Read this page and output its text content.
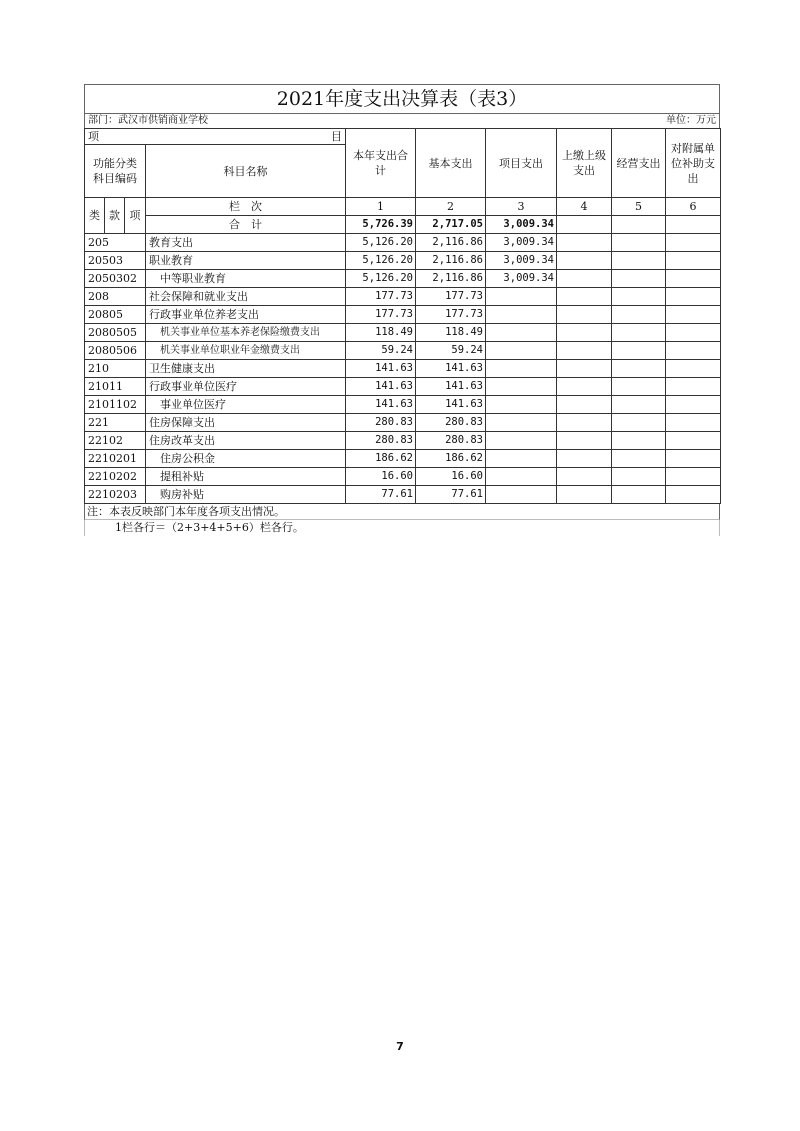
2021年度支出决算表（表3）
部门：武汉市供销商业学校	单位：万元
项 目				本年支出合计	基本支出	项目支出	上缴上级支出	经营支出	对附属单位补助支出
功能分类科目编码			科目名称						

类	款	项	栏　次	1	2	3	4	5	6
			合　计	5,726.39	2,717.05	3,009.34			
205			教育支出	5,126.20	2,116.86	3,009.34			
20503			职业教育	5,126.20	2,116.86	3,009.34			
2050302			中等职业教育	5,126.20	2,116.86	3,009.34			
208			社会保障和就业支出	177.73	177.73				
20805			行政事业单位养老支出	177.73	177.73				
2080505			机关事业单位基本养老保险缴费支出	118.49	118.49				
2080506			机关事业单位职业年金缴费支出	59.24	59.24				
210			卫生健康支出	141.63	141.63				
21011			行政事业单位医疗	141.63	141.63				
2101102			事业单位医疗	141.63	141.63				
221			住房保障支出	280.83	280.83				
22102			住房改革支出	280.83	280.83				
2210201			住房公积金	186.62	186.62				
2210202			提租补贴	16.60	16.60				
2210203			购房补贴	77.61	77.61				
注：本表反映部门本年度各项支出情况。
1栏各行＝（2+3+4+5+6）栏各行。
7
